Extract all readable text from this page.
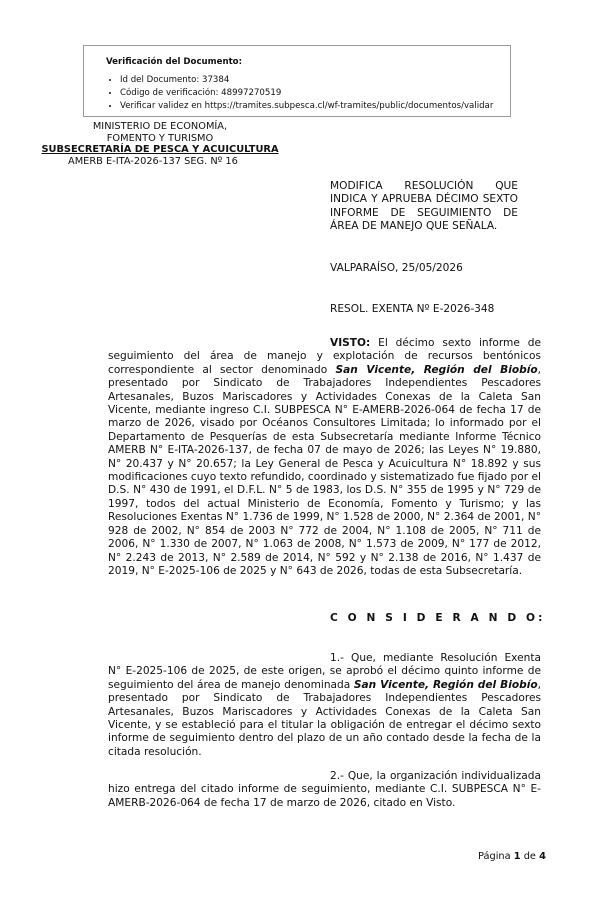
Verificación del Documento:
• Id del Documento: 37384
• Código de verificación: 48997270519
• Verificar validez en https://tramites.subpesca.cl/wf-tramites/public/documentos/validar
MINISTERIO DE ECONOMÍA,
FOMENTO Y TURISMO
SUBSECRETARÍA DE PESCA Y ACUICULTURA
AMERB E-ITA-2026-137 SEG. Nº 16
MODIFICA RESOLUCIÓN QUE INDICA Y APRUEBA DÉCIMO SEXTO INFORME DE SEGUIMIENTO DE ÁREA DE MANEJO QUE SEÑALA.
VALPARAÍSO, 25/05/2026
RESOL. EXENTA Nº E-2026-348
VISTO: El décimo sexto informe de seguimiento del área de manejo y explotación de recursos bentónicos correspondiente al sector denominado San Vicente, Región del Biobío, presentado por Sindicato de Trabajadores Independientes Pescadores Artesanales, Buzos Mariscadores y Actividades Conexas de la Caleta San Vicente, mediante ingreso C.I. SUBPESCA N° E-AMERB-2026-064 de fecha 17 de marzo de 2026, visado por Océanos Consultores Limitada; lo informado por el Departamento de Pesquerías de esta Subsecretaría mediante Informe Técnico AMERB N° E-ITA-2026-137, de fecha 07 de mayo de 2026; las Leyes N° 19.880, N° 20.437 y N° 20.657; la Ley General de Pesca y Acuicultura N° 18.892 y sus modificaciones cuyo texto refundido, coordinado y sistematizado fue fijado por el D.S. N° 430 de 1991, el D.F.L. N° 5 de 1983, los D.S. N° 355 de 1995 y N° 729 de 1997, todos del actual Ministerio de Economía, Fomento y Turismo; y las Resoluciones Exentas N° 1.736 de 1999, N° 1.528 de 2000, N° 2.364 de 2001, N° 928 de 2002, N° 854 de 2003 N° 772 de 2004, N° 1.108 de 2005, N° 711 de 2006, N° 1.330 de 2007, N° 1.063 de 2008, N° 1.573 de 2009, N° 177 de 2012, N° 2.243 de 2013, N° 2.589 de 2014, N° 592 y N° 2.138 de 2016, N° 1.437 de 2019, N° E-2025-106 de 2025 y N° 643 de 2026, todas de esta Subsecretaría.
C O N S I D E R A N D O:
1.- Que, mediante Resolución Exenta N° E-2025-106 de 2025, de este origen, se aprobó el décimo quinto informe de seguimiento del área de manejo denominada San Vicente, Región del Biobío, presentado por Sindicato de Trabajadores Independientes Pescadores Artesanales, Buzos Mariscadores y Actividades Conexas de la Caleta San Vicente, y se estableció para el titular la obligación de entregar el décimo sexto informe de seguimiento dentro del plazo de un año contado desde la fecha de la citada resolución.
2.- Que, la organización individualizada hizo entrega del citado informe de seguimiento, mediante C.I. SUBPESCA N° E-AMERB-2026-064 de fecha 17 de marzo de 2026, citado en Visto.
Página 1 de 4
